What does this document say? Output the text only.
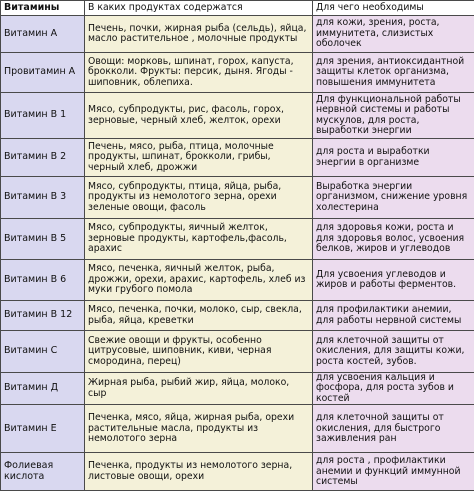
Витамины	В каких продуктах содержатся	Для чего необходимы
Витамин А	Печень, почки, жирная рыба (сельдь), яйца, масло растительное , молочные продукты	для кожи, зрения, роста, иммунитета, слизистых оболочек
Провитамин А	Овощи: морковь, шпинат, горох, капуста, брокколи. Фрукты: персик, дыня. Ягоды - шиповник, облепиха.	для зрения, антиоксидантной защиты клеток организма, повышения иммунитета
Витамин В 1	Мясо, субпродукты, рис, фасоль, горох, зерновые, черный хлеб, желток, орехи	Для функциональной работы нервной системы и работы мускулов, для роста, выработки энергии
Витамин В 2	Печень, мясо, рыба, птица, молочные продукты, шпинат, брокколи, грибы, черный хлеб, дрожжи	для роста и выработки энергии в организме
Витамин В 3	Мясо, субпродукты, птица, яйца, рыба, продукты из немолотого зерна, орехи зеленые овощи, фасоль	Выработка энергии организмом, снижение уровня холестерина
Витамин В 5	Мясо, субпродукты, яичный желток, зерновые продукты, картофель,фасоль, арахис	для здоровья кожи, роста и для здоровья волос, усвоения белков, жиров и углеводов
Витамин В 6	Мясо, печенка, яичный желток, рыба, дрожжи, орехи, арахис, картофель, хлеб из муки грубого помола	Для усвоения углеводов и жиров и работы ферментов.
Витамин В 12	Мясо, печенка, почки, молоко, сыр, свекла, рыба, яйца, креветки	для профилактики анемии, для работы нервной системы
Витамин С	Свежие овощи и фрукты, особенно цитрусовые, шиповник, киви, черная смородина, перец)	для клеточной защиты от окисления, для защиты кожи, роста костей, зубов.
Витамин Д	Жирная рыба, рыбий жир, яйца, молоко, сыр	для усвоения кальция и фосфора, для роста зубов и костей
Витамин Е	Печенка, мясо, яйца, жирная рыба, орехи растительные масла, продукты из немолотого зерна	для клеточной защиты от окисления, для быстрого заживления ран
Фолиевая кислота	Печенка, продукты из немолотого зерна, листовые овощи, орехи	для роста , профилактики анемии и функций иммунной системы
